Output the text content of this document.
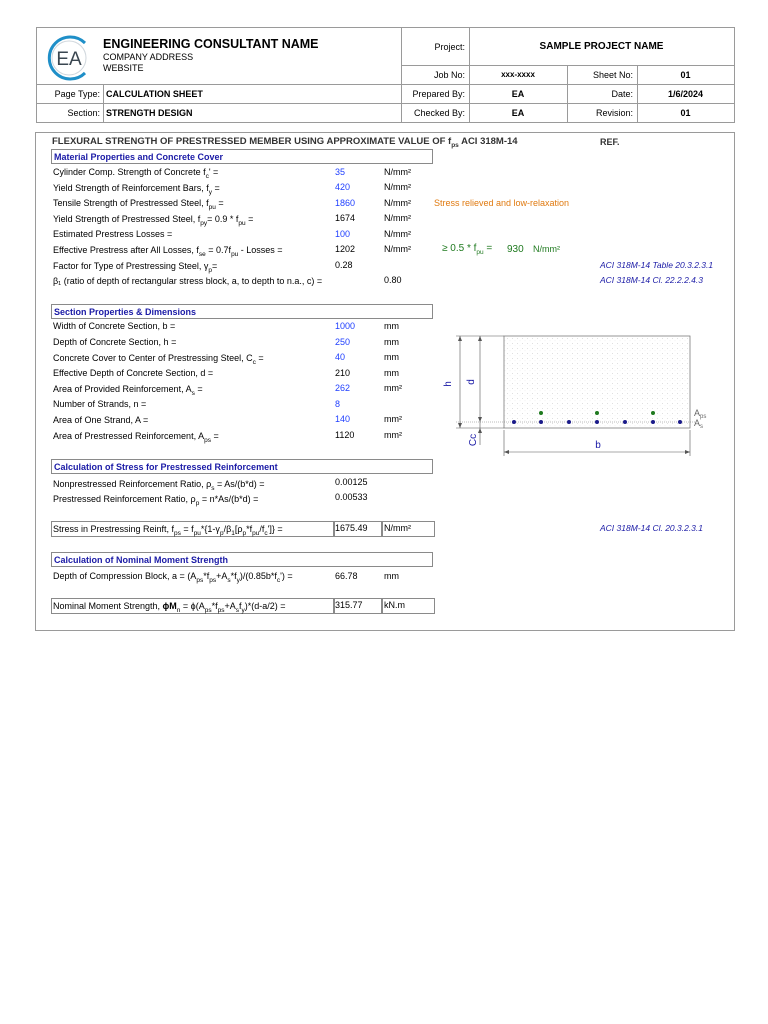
EA
ENGINEERING CONSULTANT NAME
COMPANY ADDRESS
WEBSITE
Project:	SAMPLE PROJECT NAME
Job No:	xxx-xxxx	Sheet No:	01
Page Type: CALCULATION SHEET	Prepared By:	EA	Date:	1/6/2024
Section: STRENGTH DESIGN	Checked By:	EA	Revision:	01
FLEXURAL STRENGTH OF PRESTRESSED MEMBER USING APPROXIMATE VALUE OF $f_{ps}$ ACI 318M-14	REF.
Material Properties and Concrete Cover
Cylinder Comp. Strength of Concrete $f_c'$ =	35	N/mm²
Yield Strength of Reinforcement Bars, $f_y$ =	420	N/mm²
Tensile Strength of Prestressed Steel, $f_{pu}$ =	1860	N/mm²	Stress relieved and low-relaxation
Yield Strength of Prestressed Steel, $f_{py}= 0.9 * f_{pu}$ =	1674	N/mm²
Estimated Prestress Losses =	100	N/mm²
Effective Prestress after All Losses, $f_{se} = 0.7f_{pu}$ - Losses =	1202	N/mm²	≥ $0.5 * f_{pu} = 930$ N/mm²
Factor for Type of Prestressing Steel, $\gamma_p=$	0.28	ACI 318M-14 Table 20.3.2.3.1
β₁ (ratio of depth of rectangular stress block, a, to depth to n.a., c) =	0.80	ACI 318M-14 Cl. 22.2.2.4.3
Section Properties & Dimensions
Width of Concrete Section, b =	1000	mm
Depth of Concrete Section, h =	250	mm
Concrete Cover to Center of Prestressing Steel, $C_c$ =	40	mm
Effective Depth of Concrete Section, d =	210	mm
Area of Provided Reinforcement, $A_s$ =	262	mm²
Number of Strands, n =	8
Area of One Strand, A =	140	mm²
Area of Prestressed Reinforcement, $A_{ps}$ =	1120	mm²
h d
Cc
$A_{ps}$
$A_s$
b
Calculation of Stress for Prestressed Reinforcement
Nonprestressed Reinforcement Ratio, $\rho_s = As/(b*d)$ =	0.00125
Prestressed Reinforcement Ratio, $\rho_p = n*As/(b*d)$ =	0.00533
Stress in Prestressing Reinft, $f_{ps} = f_{pu}*\{1-\gamma_p/\beta_1[\rho_p*f_{pu}/f_c']\}$ =	1675.49 N/mm²	ACI 318M-14 Cl. 20.3.2.3.1
Calculation of Nominal Moment Strength
Depth of Compression Block, $a = (A_{ps}*f_{ps}+A_s*f_y)/(0.85b*f_c')$ =	66.78	mm
Nominal Moment Strength, $\phi M_n = \phi(A_{ps}*f_{ps}+A_sf_y)*(d-a/2)$ =	315.77 kN.m
